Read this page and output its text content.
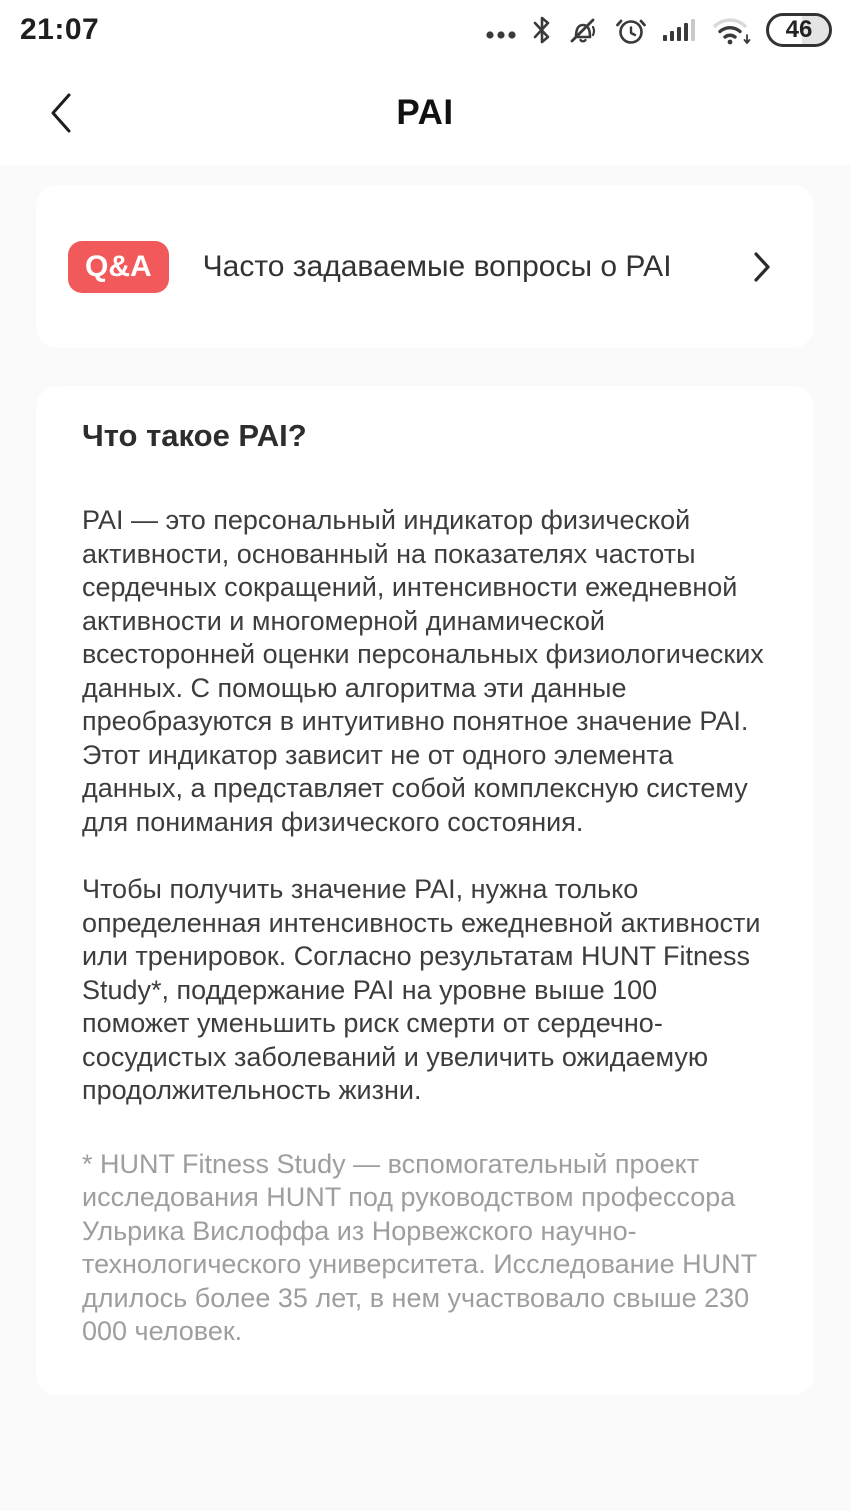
21:07	46
PAI
Q&A	Часто задаваемые вопросы о PAI
Что такое PAI?

PAI — это персональный индикатор физической активности, основанный на показателях частоты сердечных сокращений, интенсивности ежедневной активности и многомерной динамической всесторонней оценки персональных физиологических данных. С помощью алгоритма эти данные преобразуются в интуитивно понятное значение PAI. Этот индикатор зависит не от одного элемента данных, а представляет собой комплексную систему для понимания физического состояния.

Чтобы получить значение PAI, нужна только определенная интенсивность ежедневной активности или тренировок. Согласно результатам HUNT Fitness Study*, поддержание PAI на уровне выше 100 поможет уменьшить риск смерти от сердечно-сосудистых заболеваний и увеличить ожидаемую продолжительность жизни.

* HUNT Fitness Study — вспомогательный проект исследования HUNT под руководством профессора Ульрика Вислоффа из Норвежского научно-технологического университета. Исследование HUNT длилось более 35 лет, в нем участвовало свыше 230 000 человек.
